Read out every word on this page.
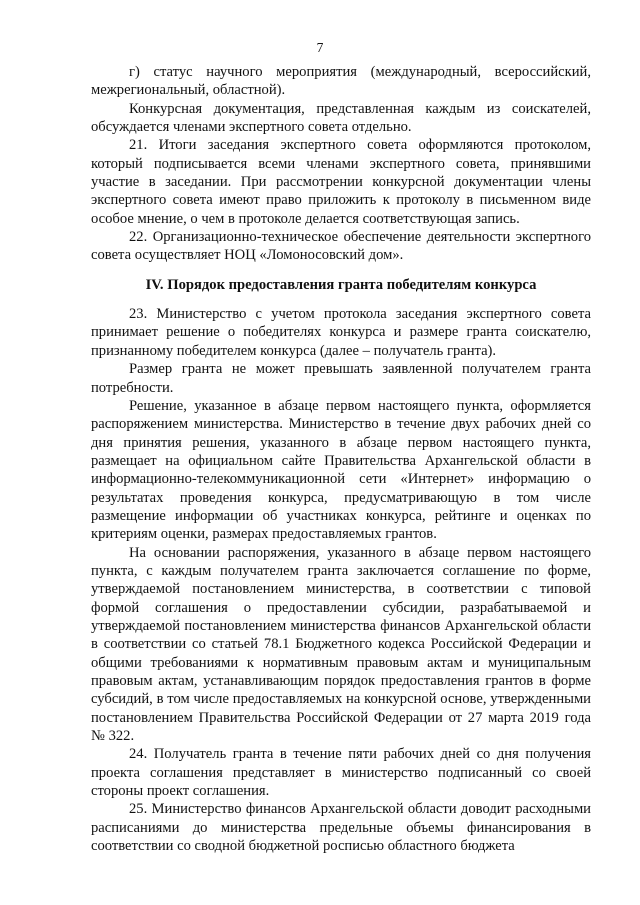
7

г) статус научного мероприятия (международный, всероссийский, межрегиональный, областной).

Конкурсная документация, представленная каждым из соискателей, обсуждается членами экспертного совета отдельно.

21. Итоги заседания экспертного совета оформляются протоколом, который подписывается всеми членами экспертного совета, принявшими участие в заседании. При рассмотрении конкурсной документации члены экспертного совета имеют право приложить к протоколу в письменном виде особое мнение, о чем в протоколе делается соответствующая запись.

22. Организационно-техническое обеспечение деятельности экспертного совета осуществляет НОЦ «Ломоносовский дом».

IV. Порядок предоставления гранта победителям конкурса

23. Министерство с учетом протокола заседания экспертного совета принимает решение о победителях конкурса и размере гранта соискателю, признанному победителем конкурса (далее – получатель гранта).

Размер гранта не может превышать заявленной получателем гранта потребности.

Решение, указанное в абзаце первом настоящего пункта, оформляется распоряжением министерства. Министерство в течение двух рабочих дней со дня принятия решения, указанного в абзаце первом настоящего пункта, размещает на официальном сайте Правительства Архангельской области в информационно-телекоммуникационной сети «Интернет» информацию о результатах проведения конкурса, предусматривающую в том числе размещение информации об участниках конкурса, рейтинге и оценках по критериям оценки, размерах предоставляемых грантов.

На основании распоряжения, указанного в абзаце первом настоящего пункта, с каждым получателем гранта заключается соглашение по форме, утверждаемой постановлением министерства, в соответствии с типовой формой соглашения о предоставлении субсидии, разрабатываемой и утверждаемой постановлением министерства финансов Архангельской области в соответствии со статьей 78.1 Бюджетного кодекса Российской Федерации и общими требованиями к нормативным правовым актам и муниципальным правовым актам, устанавливающим порядок предоставления грантов в форме субсидий, в том числе предоставляемых на конкурсной основе, утвержденными постановлением Правительства Российской Федерации от 27 марта 2019 года № 322.

24. Получатель гранта в течение пяти рабочих дней со дня получения проекта соглашения представляет в министерство подписанный со своей стороны проект соглашения.

25. Министерство финансов Архангельской области доводит расходными расписаниями до министерства предельные объемы финансирования в соответствии со сводной бюджетной росписью областного бюджета
